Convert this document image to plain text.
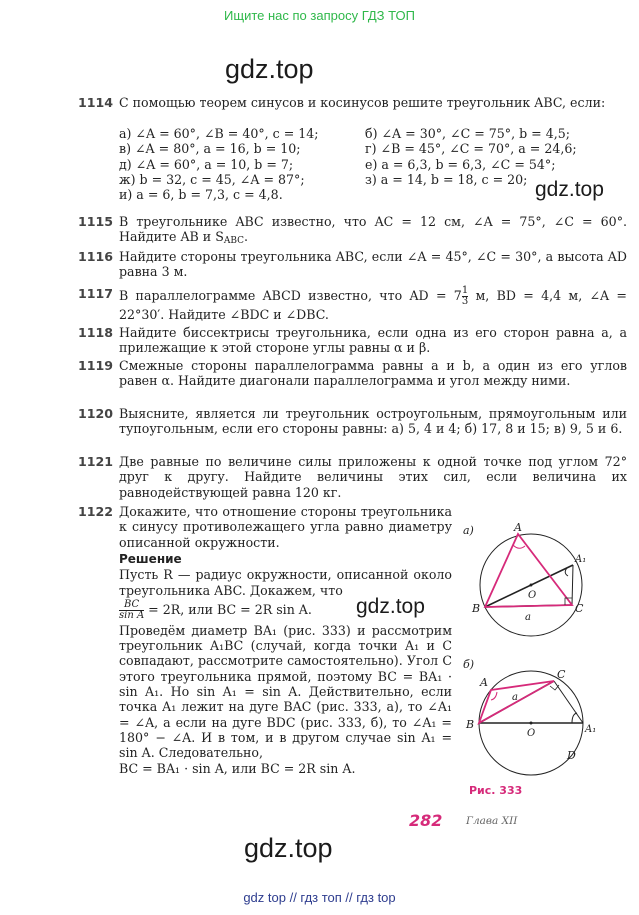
Ищите нас по запросу ГДЗ ТОП
gdz.top
gdz.top
gdz.top
gdz.top
1114 С помощью теорем синусов и косинусов решите треугольник ABC, если:
а) ∠A = 60°, ∠B = 40°, c = 14;	б) ∠A = 30°, ∠C = 75°, b = 4,5;
в) ∠A = 80°, a = 16, b = 10;	г) ∠B = 45°, ∠C = 70°, a = 24,6;
д) ∠A = 60°, a = 10, b = 7;	е) a = 6,3, b = 6,3, ∠C = 54°;
ж) b = 32, c = 45, ∠A = 87°;	з) a = 14, b = 18, c = 20;
и) a = 6, b = 7,3, c = 4,8.
1115 В треугольнике ABC известно, что AC = 12 см, ∠A = 75°, ∠C = 60°. Найдите AB и $S_{ABC}$.
1116 Найдите стороны треугольника ABC, если ∠A = 45°, ∠C = 30°, а высота AD равна 3 м.
1117 В параллелограмме ABCD известно, что AD = $7 \frac{1}{3} м$, BD = 4,4 м, ∠A = 22°30′. Найдите ∠BDC и ∠DBC.
1118 Найдите биссектрисы треугольника, если одна из его сторон равна a, а прилежащие к этой стороне углы равны α и β.
1119 Смежные стороны параллелограмма равны a и b, а один из его углов равен α. Найдите диагонали параллелограмма и угол между ними.
1120 Выясните, является ли треугольник остроугольным, прямоугольным или тупоугольным, если его стороны равны: а) 5, 4 и 4; б) 17, 8 и 15; в) 9, 5 и 6.
1121 Две равные по величине силы приложены к одной точке под углом 72° друг к другу. Найдите величины этих сил, если величина их равнодействующей равна 120 кг.
1122 Докажите, что отношение стороны треугольника к синусу противолежащего угла равно диаметру описанной окружности.
Решение
Пусть R — радиус окружности, описанной около треугольника ABC. Докажем, что
$\frac{BC}{\text{sin A}} = 2R$, или BC = 2R sin A.
Проведём диаметр BA₁ (рис. 333) и рассмотрим треугольник A₁BC (случай, когда точки A₁ и C совпадают, рассмотрите самостоятельно). Угол C этого треугольника прямой, поэтому BC = BA₁ · sin A₁. Но sin A₁ = sin A. Действительно, если точка A₁ лежит на дуге BAC (рис. 333, а), то ∠A₁ = ∠A, а если на дуге BDC (рис. 333, б), то ∠A₁ = 180° − ∠A. И в том, и в другом случае sin A₁ = sin A. Следовательно,
BC = BA₁ · sin A, или BC = 2R sin A.
а)	A
A₁
B	C
O
a
б)
C
A
B	A₁
O
D
a
Рис. 333
282 Глава XII
gdz top // гдз топ // гдз top
